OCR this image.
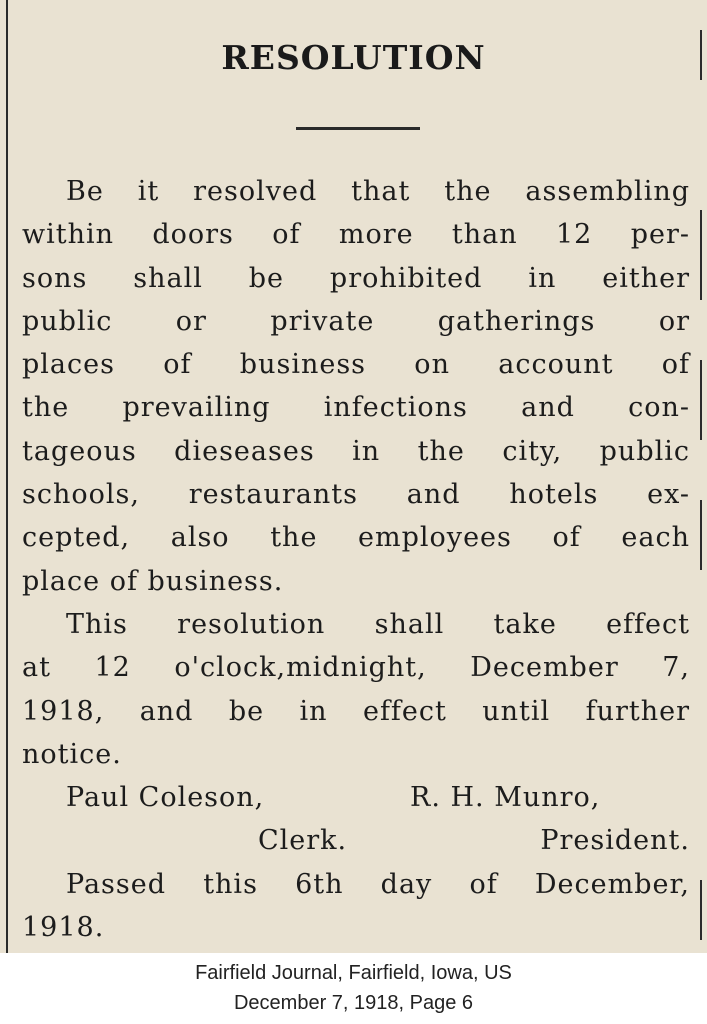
RESOLUTION
Be it resolved that the assembling
within doors of more than 12 per-
sons shall be prohibited in either
public or private gatherings or
places of business on account of
the prevailing infections and con-
tageous dieseases in the city, public
schools, restaurants and hotels ex-
cepted, also the employees of each
place of business.
This resolution shall take effect
at 12 o'clock,midnight, December 7,
1918, and be in effect until further
notice.
Paul Coleson,	R. H. Munro,
Clerk.	President.
Passed this 6th day of December,
1918.
Fairfield Journal, Fairfield, Iowa, US
December 7, 1918, Page 6
